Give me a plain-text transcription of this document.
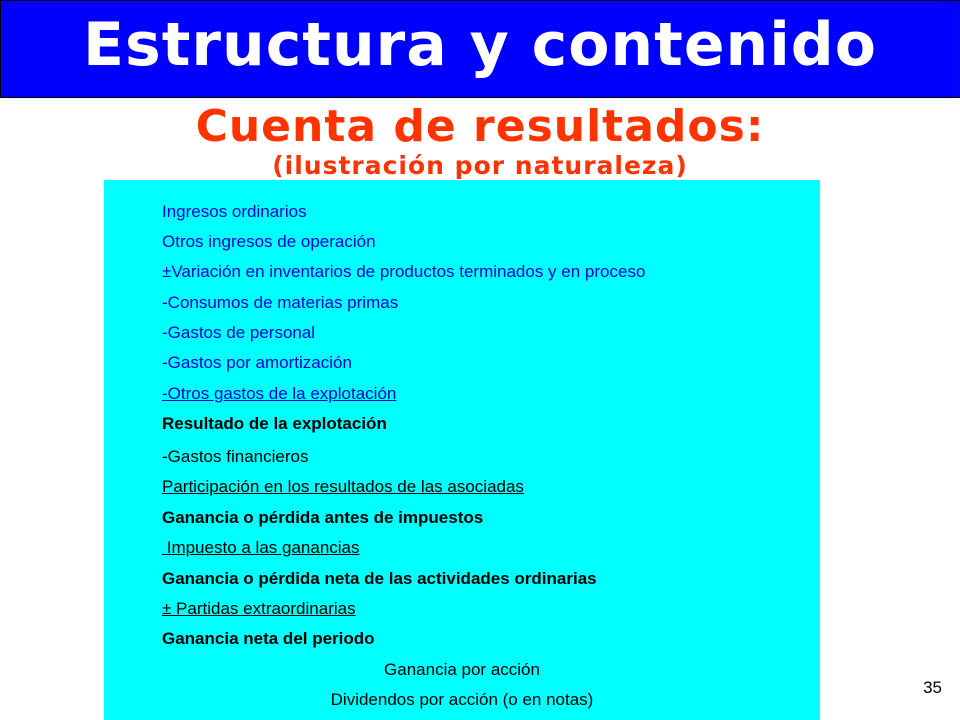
Estructura y contenido
Cuenta de resultados:
(ilustración por naturaleza)
Ingresos ordinarios
Otros ingresos de operación
±Variación en inventarios de productos terminados y en proceso
-Consumos de materias primas
-Gastos de personal
-Gastos por amortización
-Otros gastos de la explotación
Resultado de la explotación
-Gastos financieros
Participación en los resultados de las asociadas
Ganancia o pérdida antes de impuestos
Impuesto a las ganancias
Ganancia o pérdida neta de las actividades ordinarias
± Partidas extraordinarias
Ganancia neta del periodo
Ganancia por acción
Dividendos por acción (o en notas)
35
